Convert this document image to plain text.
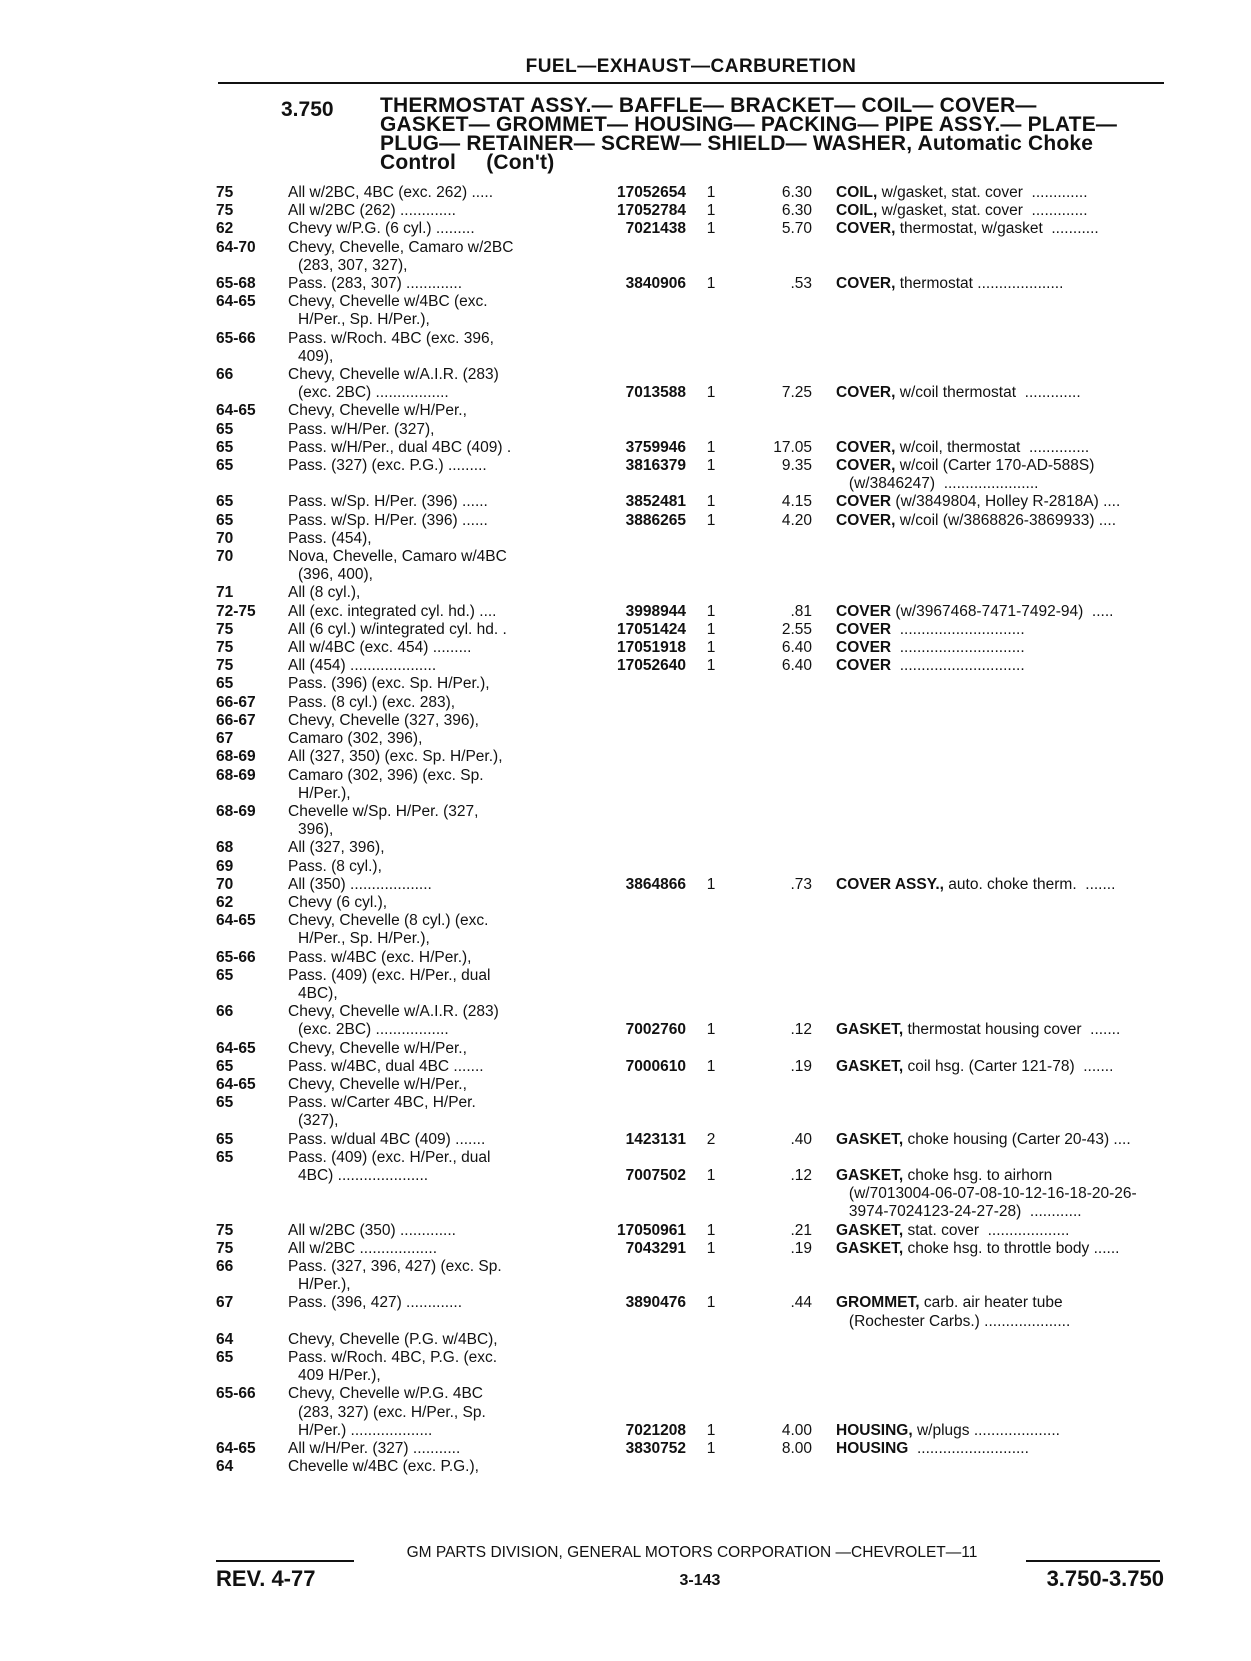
FUEL—EXHAUST—CARBURETION
3.750 THERMOSTAT ASSY.— BAFFLE— BRACKET— COIL— COVER—
GASKET— GROMMET— HOUSING— PACKING— PIPE ASSY.— PLATE—
PLUG— RETAINER— SCREW— SHIELD— WASHER, Automatic Choke
Control     (Con't)
75	All w/2BC, 4BC (exc. 262) .....	17052654	1	6.30	COIL, w/gasket, stat. cover  .............
75	All w/2BC (262) .............	17052784	1	6.30	COIL, w/gasket, stat. cover  .............
62	Chevy w/P.G. (6 cyl.) .........	7021438	1	5.70	COVER, thermostat, w/gasket  ...........
64-70	Chevy, Chevelle, Camaro w/2BC
(283, 307, 327),
65-68	Pass. (283, 307) .............	3840906	1	.53	COVER, thermostat ....................
64-65	Chevy, Chevelle w/4BC (exc.
H/Per., Sp. H/Per.),
65-66	Pass. w/Roch. 4BC (exc. 396,
409),
66	Chevy, Chevelle w/A.I.R. (283)
(exc. 2BC) .................	7013588	1	7.25	COVER, w/coil thermostat  .............
64-65	Chevy, Chevelle w/H/Per.,
65	Pass. w/H/Per. (327),
65	Pass. w/H/Per., dual 4BC (409) .	3759946	1	17.05	COVER, w/coil, thermostat  ..............
65	Pass. (327) (exc. P.G.) .........	3816379	1	9.35	COVER, w/coil (Carter 170-AD-588S)
(w/3846247)  ......................
65	Pass. w/Sp. H/Per. (396) ......	3852481	1	4.15	COVER (w/3849804, Holley R-2818A) ....
65	Pass. w/Sp. H/Per. (396) ......	3886265	1	4.20	COVER, w/coil (w/3868826-3869933) ....
70	Pass. (454),
70	Nova, Chevelle, Camaro w/4BC
(396, 400),
71	All (8 cyl.),
72-75	All (exc. integrated cyl. hd.) ....	3998944	1	.81	COVER (w/3967468-7471-7492-94)  .....
75	All (6 cyl.) w/integrated cyl. hd. .	17051424	1	2.55	COVER  .............................
75	All w/4BC (exc. 454) .........	17051918	1	6.40	COVER  .............................
75	All (454) ....................	17052640	1	6.40	COVER  .............................
65	Pass. (396) (exc. Sp. H/Per.),
66-67	Pass. (8 cyl.) (exc. 283),
66-67	Chevy, Chevelle (327, 396),
67	Camaro (302, 396),
68-69	All (327, 350) (exc. Sp. H/Per.),
68-69	Camaro (302, 396) (exc. Sp.
H/Per.),
68-69	Chevelle w/Sp. H/Per. (327,
396),
68	All (327, 396),
69	Pass. (8 cyl.),
70	All (350) ...................	3864866	1	.73	COVER ASSY., auto. choke therm.  .......
62	Chevy (6 cyl.),
64-65	Chevy, Chevelle (8 cyl.) (exc.
H/Per., Sp. H/Per.),
65-66	Pass. w/4BC (exc. H/Per.),
65	Pass. (409) (exc. H/Per., dual
4BC),
66	Chevy, Chevelle w/A.I.R. (283)
(exc. 2BC) .................	7002760	1	.12	GASKET, thermostat housing cover  .......
64-65	Chevy, Chevelle w/H/Per.,
65	Pass. w/4BC, dual 4BC .......	7000610	1	.19	GASKET, coil hsg. (Carter 121-78)  .......
64-65	Chevy, Chevelle w/H/Per.,
65	Pass. w/Carter 4BC, H/Per.
(327),
65	Pass. w/dual 4BC (409) .......	1423131	2	.40	GASKET, choke housing (Carter 20-43) ....
65	Pass. (409) (exc. H/Per., dual
4BC) .....................	7007502	1	.12	GASKET, choke hsg. to airhorn
(w/7013004-06-07-08-10-12-16-18-20-26-
3974-7024123-24-27-28)  ............
75	All w/2BC (350) .............	17050961	1	.21	GASKET, stat. cover  ...................
75	All w/2BC ..................	7043291	1	.19	GASKET, choke hsg. to throttle body ......
66	Pass. (327, 396, 427) (exc. Sp.
H/Per.),
67	Pass. (396, 427) .............	3890476	1	.44	GROMMET, carb. air heater tube
(Rochester Carbs.) ....................
64	Chevy, Chevelle (P.G. w/4BC),
65	Pass. w/Roch. 4BC, P.G. (exc.
409 H/Per.),
65-66	Chevy, Chevelle w/P.G. 4BC
(283, 327) (exc. H/Per., Sp.
H/Per.) ...................	7021208	1	4.00	HOUSING, w/plugs ....................
64-65	All w/H/Per. (327) ...........	3830752	1	8.00	HOUSING  ..........................
64	Chevelle w/4BC (exc. P.G.),
GM PARTS DIVISION, GENERAL MOTORS CORPORATION —CHEVROLET—11
REV. 4-77	3-143	3.750-3.750
